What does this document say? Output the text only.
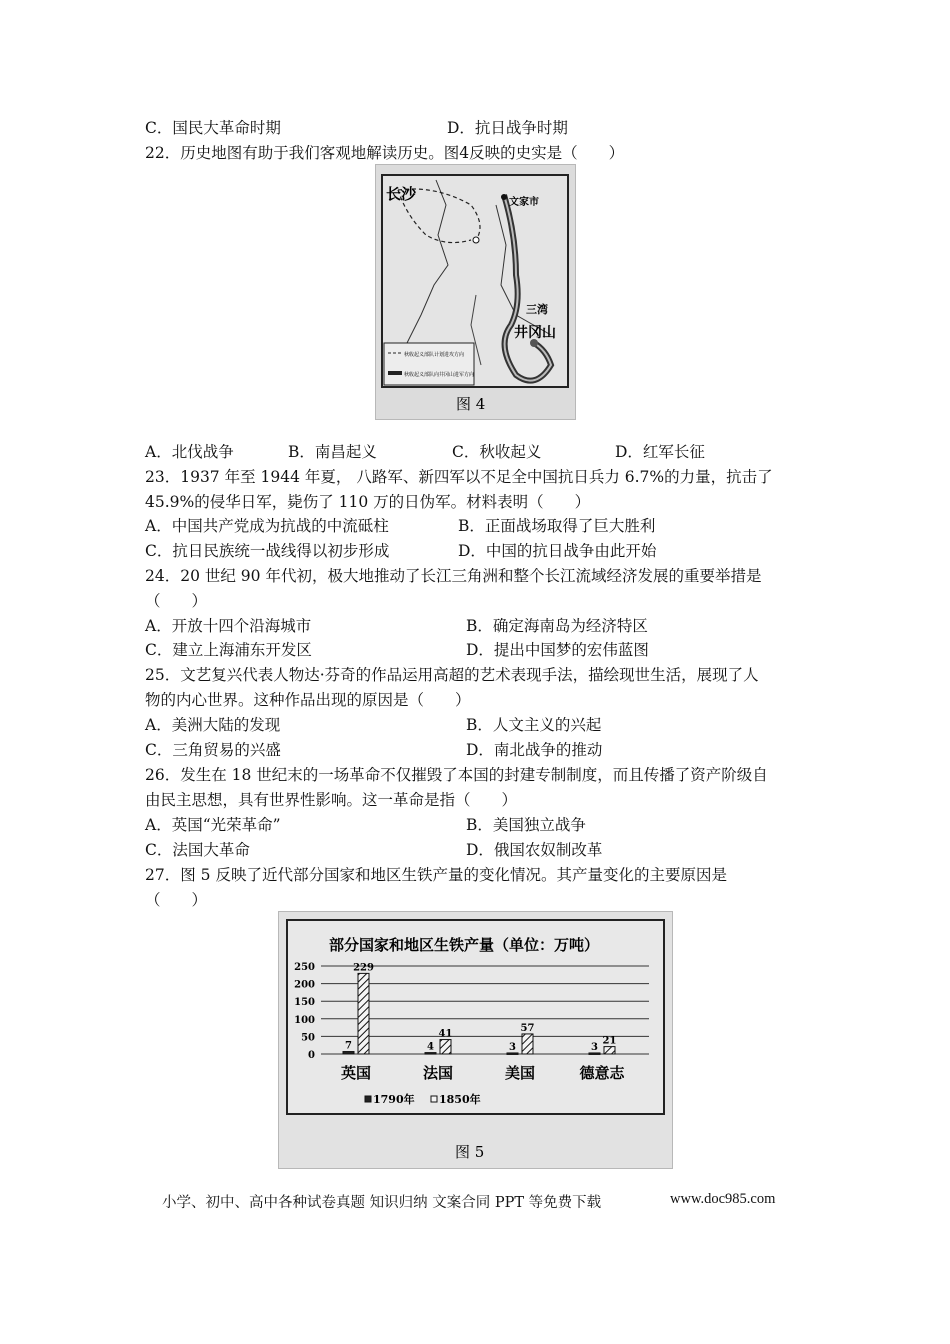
C．国民大革命时期	D．抗日战争时期
22．历史地图有助于我们客观地解读历史。图4反映的史实是（　　）
秋收起义部队计划进攻方向
秋收起义部队向井冈山进军方向
长沙	文家市
三湾
井冈山
图 4
A．北伐战争	B．南昌起义	C．秋收起义	D．红军长征
23．1937 年至 1944 年夏， 八路军、新四军以不足全中国抗日兵力 6.7%的力量，抗击了
45.9%的侵华日军，毙伤了 110 万的日伪军。材料表明（　　）
A．中国共产党成为抗战的中流砥柱	B．正面战场取得了巨大胜利
C．抗日民族统一战线得以初步形成	D．中国的抗日战争由此开始
24．20 世纪 90 年代初，极大地推动了长江三角洲和整个长江流域经济发展的重要举措是
（　　）
A．开放十四个沿海城市	B．确定海南岛为经济特区
C．建立上海浦东开发区	D．提出中国梦的宏伟蓝图
25．文艺复兴代表人物达·芬奇的作品运用高超的艺术表现手法，描绘现世生活，展现了人
物的内心世界。这种作品出现的原因是（　　）
A．美洲大陆的发现	B．人文主义的兴起
C．三角贸易的兴盛	D．南北战争的推动
26．发生在 18 世纪末的一场革命不仅摧毁了本国的封建专制制度，而且传播了资产阶级自
由民主思想，具有世界性影响。这一革命是指（　　）
A．英国“光荣革命”	B．美国独立战争
C．法国大革命	D．俄国农奴制改革
27．图 5 反映了近代部分国家和地区生铁产量的变化情况。其产量变化的主要原因是
（　　）
部分国家和地区生铁产量（单位：万吨）
0
50
100
150
200
250
7
229
英国
4
41
法国
3
57
美国
3
21
德意志
1790年 1850年
图 5
小学、初中、高中各种试卷真题 知识归纳 文案合同 PPT 等免费下载	www.doc985.com
